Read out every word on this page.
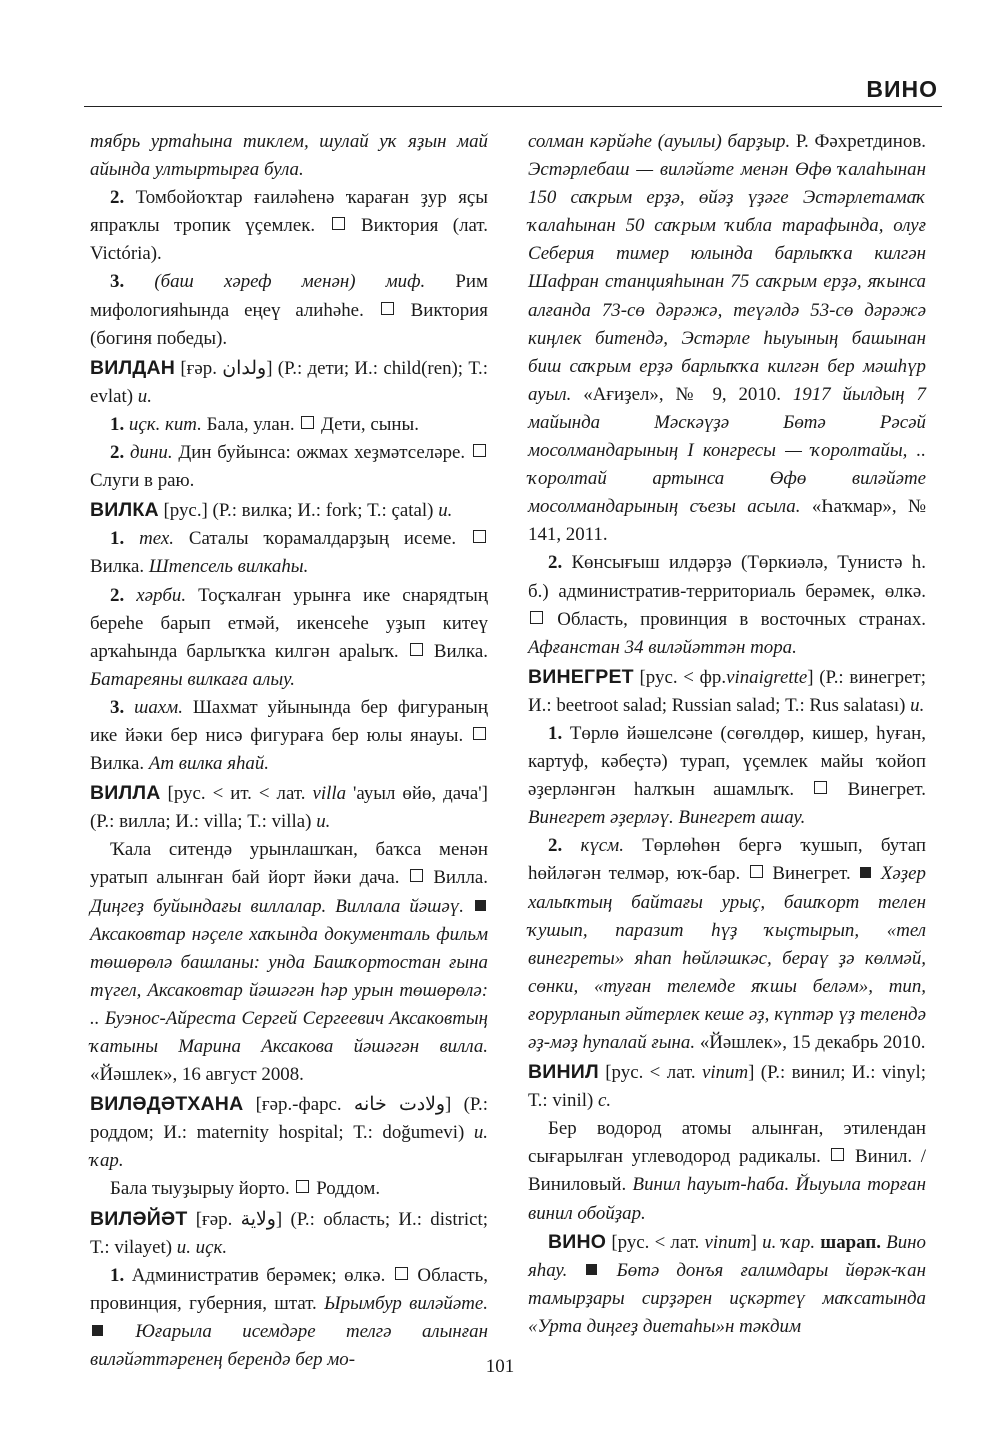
ВИНО

тябрь уртаһына тиклем, шулай уҡ яҙын май айында ултыртырға була.

2. Томбойоҡтар ғаиләһенә ҡараған ҙур яҫы япраҡлы тропик үҫемлек. Виктория (лат. Victória).

3. (баш хәреф менән) миф. Рим мифологияһында еңеү алиһәһе. Виктория (богиня победы).

ВИЛДАН [ғәр. ولدان] (Р.: дети; И.: child(ren); Т.: evlat) и.

1. иҫк. кит. Бала, улан. Дети, сыны.

2. дини. Дин буйынса: ожмах хеҙмәтселәре.  Слуги в раю.

ВИЛКА [рус.] (Р.: вилка; И.: fork; Т.: çatal) и.

1. тех. Саталы ҡорамалдарҙың исеме.  Вилка. Штепсель вилкаһы.

2. хәрби. Тоҫҡалған урынға ике снарядтың береһе барып етмәй, икенсеһе уҙып китеү арҡаһында барлыҡҡа килгән араlыҡ. Вилка. Батареяны вилкаға алыу.

3. шахм. Шахмат уйынында бер фигураның ике йәки бер нисә фигураға бер юлы янауы.  Вилка. Ат вилка яһай.

ВИЛЛА [рус. < ит. < лат. villa 'ауыл өйө, дача'] (Р.: вилла; И.: villa; Т.: villa) и.

Ҡала ситендә урынлашҡан, баҡса менән уратып алынған бай йорт йәки дача. Вилла. Диңгеҙ буйындағы виллалар. Виллала йәшәү.  Аксаковтар нәҫеле хаҡында документаль фильм төшөрөлә башланы: унда Башҡортостан ғына түгел, Аксаковтар йәшәгән һәр урын төшөрөлә: .. Буэнос-Айреста Сергей Сергеевич Аксаковтың ҡатыны Марина Аксакова йәшәгән вилла. «Йәшлек», 16 август 2008.

ВИЛӘДӘТХАНА [ғәр.-фарс. ولادت خانه] (Р.: роддом; И.: maternity hospital; Т.: doğumevi) и. ҡар.

Бала тыуҙырыу йорто. Роддом.

ВИЛӘЙӘТ [ғәр. ولاية] (Р.: область; И.: district; Т.: vilayet) и. иҫк.

1. Административ берәмек; өлкә. Область, провинция, губерния, штат. Ырымбур виләйәте.  Юғарыла исемдәре телгә алынған виләйәттәренең берендә бер мо-

солман кәрйәһе (ауылы) барҙыр. Р. Фәхретдинов. Эстәрлебаш — виләйәте менән Өфө ҡалаһынан 150 саҡрым ерҙә, өйәҙ үҙәге Эстәрлетамаҡ ҡалаһынан 50 саҡрым ҡибла тарафында, олуғ Себерия тимер юлында барлыҡҡа килгән Шафран станцияһынан 75 саҡрым ерҙә, яҡынса алғанда 73-сө дәрәжә, теүәлдә 53-сө дәрәжә киңлек битендә, Эстәрле һыуының башынан биш саҡрым ерҙә барлыҡҡа килгән бер мәшһүр ауыл. «Ағиҙел», № 9, 2010. 1917 йылдың 7 майында Мәскәүҙә Бөтә Рәсәй мосолмандарының I конгресы — ҡоролтайы, .. ҡоролтай артынса Өфө виләйәте мосолмандарының съезы асыла. «Һаҡмар», № 141, 2011.

2. Көнсығыш илдәрҙә (Төркиәлә, Тунистә һ. б.) административ-территориаль берәмек, өлкә.  Область, провинция в восточных странах. Афғанстан 34 виләйәттән тора.

ВИНЕГРЕТ [рус. < фр.vinaigrette] (Р.: винегрет; И.: beetroot salad; Russian salad; Т.: Rus salatası) и.

1. Төрлө йәшелсәне (сөгөлдөр, кишер, һуған, картуф, кәбеҫтә) турап, үҫемлек майы ҡойоп әҙерләнгән һалҡын ашамлыҡ.	Винегрет. Винегрет әҙерләү. Винегрет ашау.

2. күсм. Төрлөһөн бергә ҡушып, бутап һөйләгән телмәр, юҡ-бар. Винегрет. Хәҙер халыҡтың байтағы урыҫ, башҡорт телен ҡушып, паразит һүҙ ҡыҫтырып, «тел винегреты» яһап һөйләшкәс, бераү ҙә көлмәй, сөнки, «туған телемде яҡшы беләм», тип, ғорурланып әйтерлек кеше әҙ, күптәр үҙ телендә әҙ-мәҙ һупалай ғына. «Йәшлек», 15 декабрь 2010.

ВИНИЛ [рус. < лат. vinum] (Р.: винил; И.: vinyl; Т.: vinil) с.

Бер водород атомы алынған, этилендан сығарылған углеводород радикалы. Винил. / Виниловый. Винил һауыт-һаба. Йыуыла торған винил обойҙар.

ВИНО [рус. < лат. vinum] и. ҡар. шарап. Вино яһау.	Бөтә донъя ғалимдары йөрәк-ҡан тамырҙары сирҙәрен иҫкәртеү маҡсатында «Урта диңгеҙ диетаһы»н тәкдим

101
